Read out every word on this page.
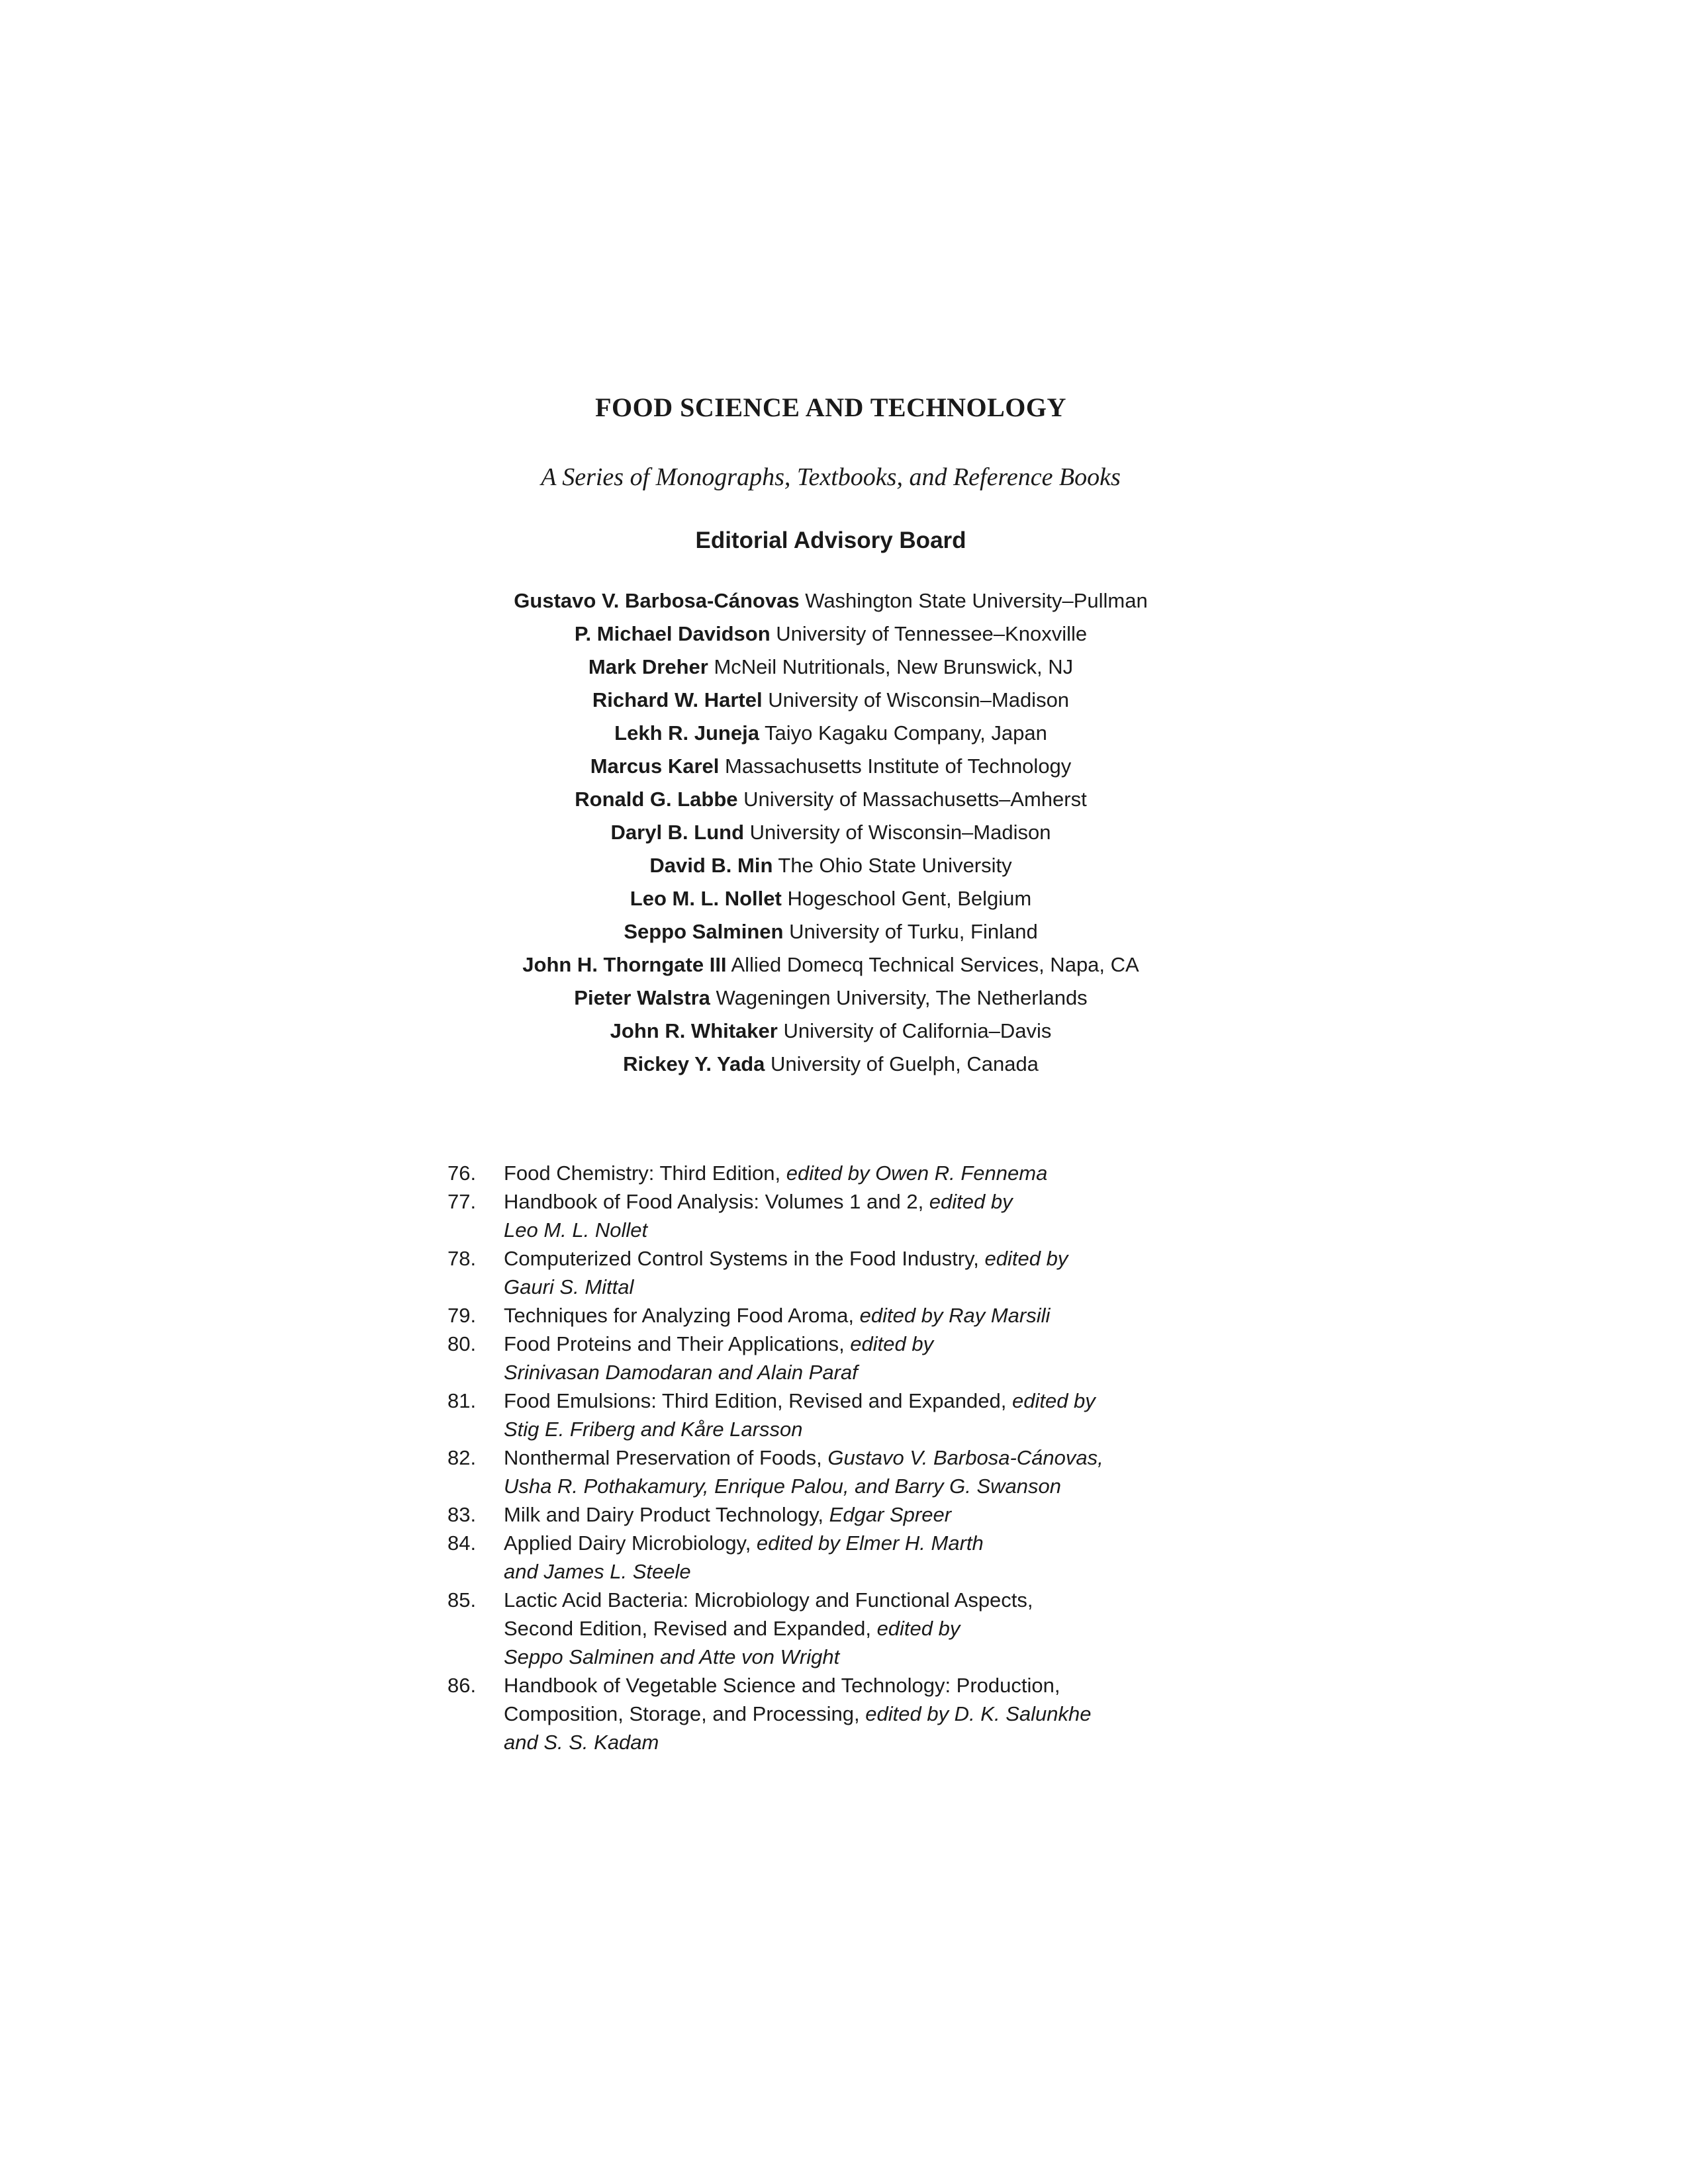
FOOD SCIENCE AND TECHNOLOGY
A Series of Monographs, Textbooks, and Reference Books
Editorial Advisory Board
Gustavo V. Barbosa-Cánovas Washington State University–Pullman
P. Michael Davidson University of Tennessee–Knoxville
Mark Dreher McNeil Nutritionals, New Brunswick, NJ
Richard W. Hartel University of Wisconsin–Madison
Lekh R. Juneja Taiyo Kagaku Company, Japan
Marcus Karel Massachusetts Institute of Technology
Ronald G. Labbe University of Massachusetts–Amherst
Daryl B. Lund University of Wisconsin–Madison
David B. Min The Ohio State University
Leo M. L. Nollet Hogeschool Gent, Belgium
Seppo Salminen University of Turku, Finland
John H. Thorngate III Allied Domecq Technical Services, Napa, CA
Pieter Walstra Wageningen University, The Netherlands
John R. Whitaker University of California–Davis
Rickey Y. Yada University of Guelph, Canada
76.	Food Chemistry: Third Edition, edited by Owen R. Fennema
77.	Handbook of Food Analysis: Volumes 1 and 2, edited by
Leo M. L. Nollet
78.	Computerized Control Systems in the Food Industry, edited by
Gauri S. Mittal
79.	Techniques for Analyzing Food Aroma, edited by Ray Marsili
80.	Food Proteins and Their Applications, edited by
Srinivasan Damodaran and Alain Paraf
81.	Food Emulsions: Third Edition, Revised and Expanded, edited by
Stig E. Friberg and Kåre Larsson
82.	Nonthermal Preservation of Foods, Gustavo V. Barbosa-Cánovas,
Usha R. Pothakamury, Enrique Palou, and Barry G. Swanson
83.	Milk and Dairy Product Technology, Edgar Spreer
84.	Applied Dairy Microbiology, edited by Elmer H. Marth
and James L. Steele
85.	Lactic Acid Bacteria: Microbiology and Functional Aspects,
Second Edition, Revised and Expanded, edited by
Seppo Salminen and Atte von Wright
86.	Handbook of Vegetable Science and Technology: Production,
Composition, Storage, and Processing, edited by D. K. Salunkhe
and S. S. Kadam
